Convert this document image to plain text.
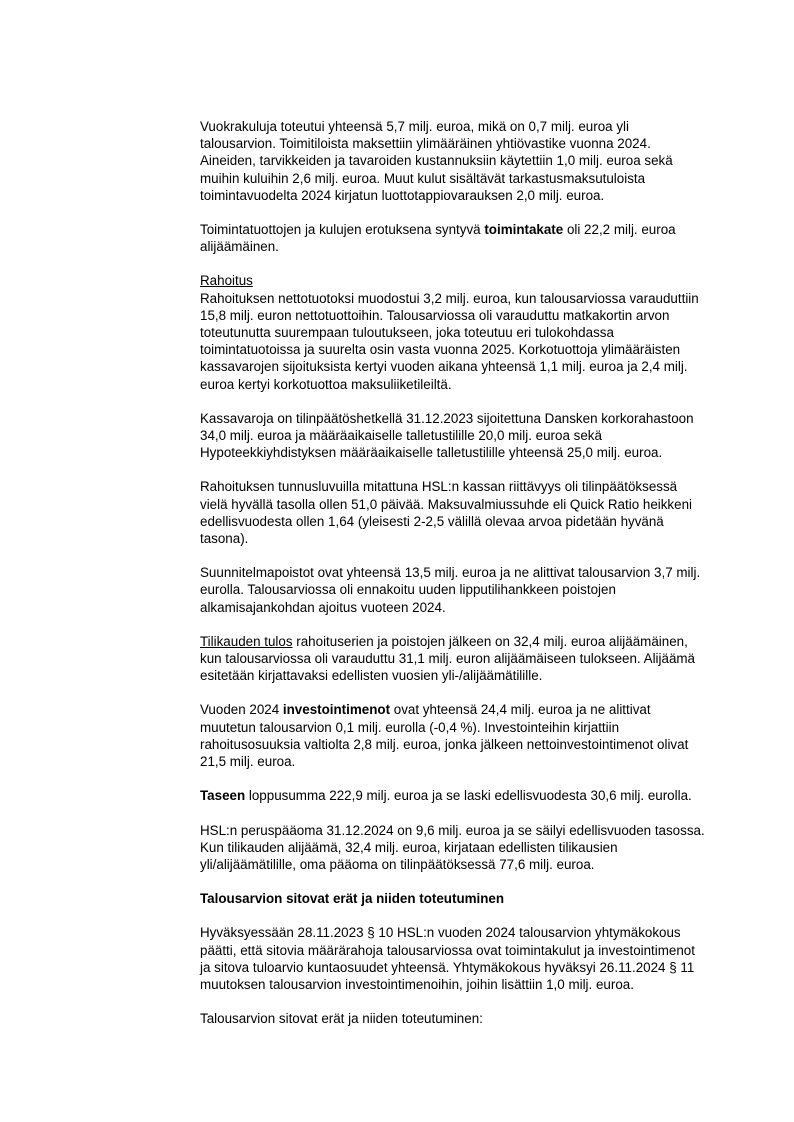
Vuokrakuluja toteutui yhteensä 5,7 milj. euroa, mikä on 0,7 milj. euroa yli
talousarvion. Toimitiloista maksettiin ylimääräinen yhtiövastike vuonna 2024.
Aineiden, tarvikkeiden ja tavaroiden kustannuksiin käytettiin 1,0 milj. euroa sekä
muihin kuluihin 2,6 milj. euroa. Muut kulut sisältävät tarkastusmaksutuloista
toimintavuodelta 2024 kirjatun luottotappiovarauksen 2,0 milj. euroa.
Toimintatuottojen ja kulujen erotuksena syntyvä toimintakate oli 22,2 milj. euroa
alijäämäinen.
Rahoitus
Rahoituksen nettotuotoksi muodostui 3,2 milj. euroa, kun talousarviossa varauduttiin
15,8 milj. euron nettotuottoihin. Talousarviossa oli varauduttu matkakortin arvon
toteutunutta suurempaan tuloutukseen, joka toteutuu eri tulokohdassa
toimintatuotoissa ja suurelta osin vasta vuonna 2025. Korkotuottoja ylimääräisten
kassavarojen sijoituksista kertyi vuoden aikana yhteensä 1,1 milj. euroa ja 2,4 milj.
euroa kertyi korkotuottoa maksuliiketileiltä.
Kassavaroja on tilinpäätöshetkellä 31.12.2023 sijoitettuna Dansken korkorahastoon
34,0 milj. euroa ja määräaikaiselle talletustilille 20,0 milj. euroa sekä
Hypoteekkiyhdistyksen määräaikaiselle talletustilille yhteensä 25,0 milj. euroa.
Rahoituksen tunnusluvuilla mitattuna HSL:n kassan riittävyys oli tilinpäätöksessä
vielä hyvällä tasolla ollen 51,0 päivää. Maksuvalmiussuhde eli Quick Ratio heikkeni
edellisvuodesta ollen 1,64 (yleisesti 2-2,5 välillä olevaa arvoa pidetään hyvänä
tasona).
Suunnitelmapoistot ovat yhteensä 13,5 milj. euroa ja ne alittivat talousarvion 3,7 milj.
eurolla. Talousarviossa oli ennakoitu uuden lipputilihankkeen poistojen
alkamisajankohdan ajoitus vuoteen 2024.
Tilikauden tulos rahoituserien ja poistojen jälkeen on 32,4 milj. euroa alijäämäinen,
kun talousarviossa oli varauduttu 31,1 milj. euron alijäämäiseen tulokseen. Alijäämä
esitetään kirjattavaksi edellisten vuosien yli-/alijäämätilille.
Vuoden 2024 investointimenot ovat yhteensä 24,4 milj. euroa ja ne alittivat
muutetun talousarvion 0,1 milj. eurolla (-0,4 %). Investointeihin kirjattiin
rahoitusosuuksia valtiolta 2,8 milj. euroa, jonka jälkeen nettoinvestointimenot olivat
21,5 milj. euroa.
Taseen loppusumma 222,9 milj. euroa ja se laski edellisvuodesta 30,6 milj. eurolla.
HSL:n peruspääoma 31.12.2024 on 9,6 milj. euroa ja se säilyi edellisvuoden tasossa.
Kun tilikauden alijäämä, 32,4 milj. euroa, kirjataan edellisten tilikausien
yli/alijäämätilille, oma pääoma on tilinpäätöksessä 77,6 milj. euroa.
Talousarvion sitovat erät ja niiden toteutuminen
Hyväksyessään 28.11.2023 § 10 HSL:n vuoden 2024 talousarvion yhtymäkokous
päätti, että sitovia määrärahoja talousarviossa ovat toimintakulut ja investointimenot
ja sitova tuloarvio kuntaosuudet yhteensä. Yhtymäkokous hyväksyi 26.11.2024 § 11
muutoksen talousarvion investointimenoihin, joihin lisättiin 1,0 milj. euroa.
Talousarvion sitovat erät ja niiden toteutuminen:
